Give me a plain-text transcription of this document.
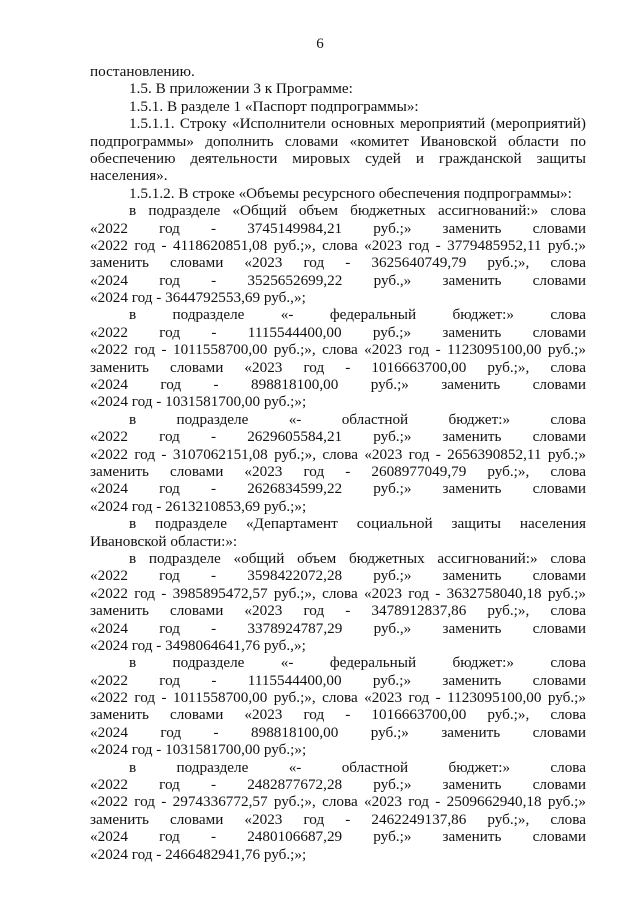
6
постановлению.
1.5. В приложении 3 к Программе:
1.5.1. В разделе 1 «Паспорт подпрограммы»:
1.5.1.1. Строку «Исполнители основных мероприятий (мероприятий)
подпрограммы» дополнить словами «комитет Ивановской области по
обеспечению деятельности мировых судей и гражданской защиты
населения».
1.5.1.2. В строке «Объемы ресурсного обеспечения подпрограммы»:
в подразделе «Общий объем бюджетных ассигнований:» слова
«2022 год - 3745149984,21 руб.;» заменить словами
«2022 год - 4118620851,08 руб.;», слова «2023 год - 3779485952,11 руб.;»
заменить словами «2023 год - 3625640749,79 руб.;», слова
«2024 год - 3525652699,22 руб.,» заменить словами
«2024 год - 3644792553,69 руб.,»;
в подразделе «- федеральный бюджет:» слова
«2022 год - 1115544400,00 руб.;» заменить словами
«2022 год - 1011558700,00 руб.;», слова «2023 год - 1123095100,00 руб.;»
заменить словами «2023 год - 1016663700,00 руб.;», слова
«2024 год - 898818100,00 руб.;» заменить словами
«2024 год - 1031581700,00 руб.;»;
в подразделе «- областной бюджет:» слова
«2022 год - 2629605584,21 руб.;» заменить словами
«2022 год - 3107062151,08 руб.;», слова «2023 год - 2656390852,11 руб.;»
заменить словами «2023 год - 2608977049,79 руб.;», слова
«2024 год - 2626834599,22 руб.;» заменить словами
«2024 год - 2613210853,69 руб.;»;
в подразделе «Департамент социальной защиты населения
Ивановской области:»:
в подразделе «общий объем бюджетных ассигнований:» слова
«2022 год - 3598422072,28 руб.;» заменить словами
«2022 год - 3985895472,57 руб.;», слова «2023 год - 3632758040,18 руб.;»
заменить словами «2023 год - 3478912837,86 руб.;», слова
«2024 год - 3378924787,29 руб.,» заменить словами
«2024 год - 3498064641,76 руб.,»;
в подразделе «- федеральный бюджет:» слова
«2022 год - 1115544400,00 руб.;» заменить словами
«2022 год - 1011558700,00 руб.;», слова «2023 год - 1123095100,00 руб.;»
заменить словами «2023 год - 1016663700,00 руб.;», слова
«2024 год - 898818100,00 руб.;» заменить словами
«2024 год - 1031581700,00 руб.;»;
в подразделе «- областной бюджет:» слова
«2022 год - 2482877672,28 руб.;» заменить словами
«2022 год - 2974336772,57 руб.;», слова «2023 год - 2509662940,18 руб.;»
заменить словами «2023 год - 2462249137,86 руб.;», слова
«2024 год - 2480106687,29 руб.;» заменить словами
«2024 год - 2466482941,76 руб.;»;
